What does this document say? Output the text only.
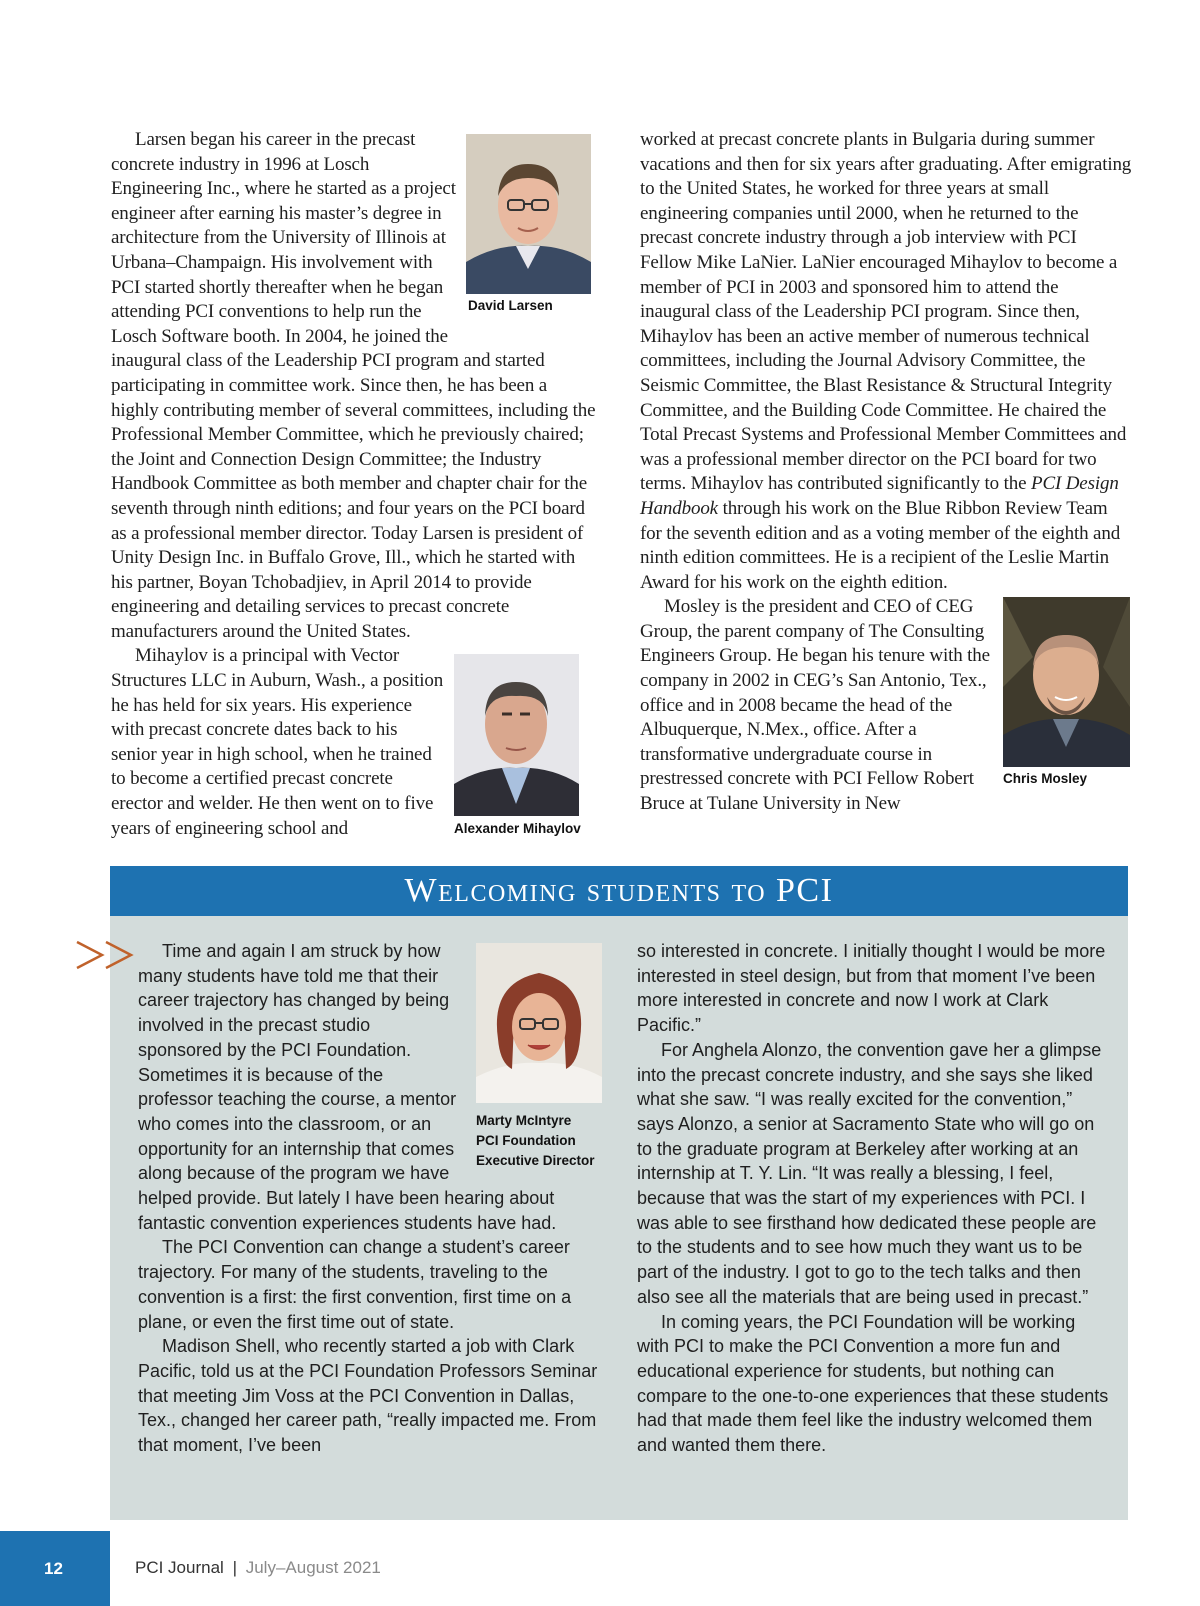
David Larsen

Larsen began his career in the precast concrete industry in 1996 at Losch Engineering Inc., where he started as a project engineer after earning his master’s degree in architecture from the University of Illinois at Urbana–Champaign. His involvement with PCI started shortly thereafter when he began attending PCI conventions to help run the Losch Software booth. In 2004, he joined the inaugural class of the Leadership PCI program and started participating in committee work. Since then, he has been a highly contributing member of several committees, including the Professional Member Committee, which he previously chaired; the Joint and Connection Design Committee; the Industry Handbook Committee as both member and chapter chair for the seventh through ninth editions; and four years on the PCI board as a professional member director. Today Larsen is president of Unity Design Inc. in Buffalo Grove, Ill., which he started with his partner, Boyan Tchobadjiev, in April 2014 to provide engineering and detailing services to precast concrete manufacturers around the United States.

Alexander Mihaylov

Mihaylov is a principal with Vector Structures LLC in Auburn, Wash., a position he has held for six years. His experience with precast concrete dates back to his senior year in high school, when he trained to become a certified precast concrete erector and welder. He then went on to five years of engineering school and

worked at precast concrete plants in Bulgaria during summer vacations and then for six years after graduating. After emigrating to the United States, he worked for three years at small engineering companies until 2000, when he returned to the precast concrete industry through a job interview with PCI Fellow Mike LaNier. LaNier encouraged Mihaylov to become a member of PCI in 2003 and sponsored him to attend the inaugural class of the Leadership PCI program. Since then, Mihaylov has been an active member of numerous technical committees, including the Journal Advisory Committee, the Seismic Committee, the Blast Resistance & Structural Integrity Committee, and the Building Code Committee. He chaired the Total Precast Systems and Professional Member Committees and was a professional member director on the PCI board for two terms. Mihaylov has contributed significantly to the PCI Design Handbook through his work on the Blue Ribbon Review Team for the seventh edition and as a voting member of the eighth and ninth edition committees. He is a recipient of the Leslie Martin Award for his work on the eighth edition.

Chris Mosley

Mosley is the president and CEO of CEG Group, the parent company of The Consulting Engineers Group. He began his tenure with the company in 2002 in CEG’s San Antonio, Tex., office and in 2008 became the head of the Albuquerque, N.Mex., office. After a transformative undergraduate course in prestressed concrete with PCI Fellow Robert Bruce at Tulane University in New

Welcoming students to PCI
Marty McIntyre
PCI Foundation
Executive Director

Time and again I am struck by how many students have told me that their career trajectory has changed by being involved in the precast studio sponsored by the PCI Foundation. Sometimes it is because of the professor teaching the course, a mentor who comes into the classroom, or an opportunity for an internship that comes along because of the program we have helped provide. But lately I have been hearing about fantastic convention experiences students have had.

The PCI Convention can change a student’s career trajectory. For many of the students, traveling to the convention is a first: the first convention, first time on a plane, or even the first time out of state.

Madison Shell, who recently started a job with Clark Pacific, told us at the PCI Foundation Professors Seminar that meeting Jim Voss at the PCI Convention in Dallas, Tex., changed her career path, “really impacted me. From that moment, I’ve been

so interested in concrete. I initially thought I would be more interested in steel design, but from that moment I’ve been more interested in concrete and now I work at Clark Pacific.”

For Anghela Alonzo, the convention gave her a glimpse into the precast concrete industry, and she says she liked what she saw. “I was really excited for the convention,” says Alonzo, a senior at Sacramento State who will go on to the graduate program at Berkeley after working at an internship at T. Y. Lin. “It was really a blessing, I feel, because that was the start of my experiences with PCI. I was able to see firsthand how dedicated these people are to the students and to see how much they want us to be part of the industry. I got to go to the tech talks and then also see all the materials that are being used in precast.”

In coming years, the PCI Foundation will be working with PCI to make the PCI Convention a more fun and educational experience for students, but nothing can compare to the one-to-one experiences that these students had that made them feel like the industry welcomed them and wanted them there.

12	PCI Journal | July–August 2021
